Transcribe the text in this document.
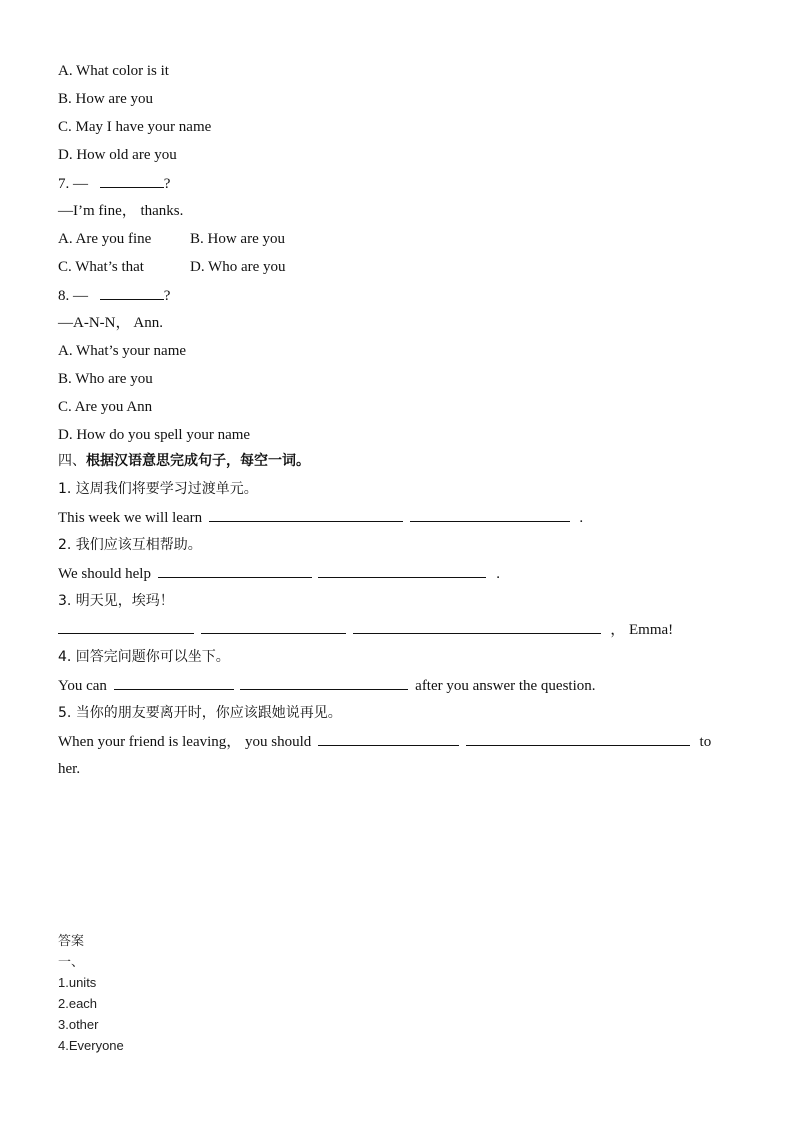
A. What color is it
B. How are you
C. May I have your name
D. How old are you
7. —	?
—I’m fine， thanks.
A. Are you fine	B. How are you
C. What’s that	D. Who are you
8. —	?
—A-N-N， Ann.
A. What’s your name
B. Who are you
C. Are you Ann
D. How do you spell your name
四、根据汉语意思完成句子，每空一词。
1. 这周我们将要学习过渡单元。
This week we will learn	.
2. 我们应该互相帮助。
We should help	.
3. 明天见，埃玛！
， Emma!
4. 回答完问题你可以坐下。
You can	after you answer the question.
5. 当你的朋友要离开时，你应该跟她说再见。
When your friend is leaving， you should	to
her.
答案
一、
1.units
2.each
3.other
4.Everyone
